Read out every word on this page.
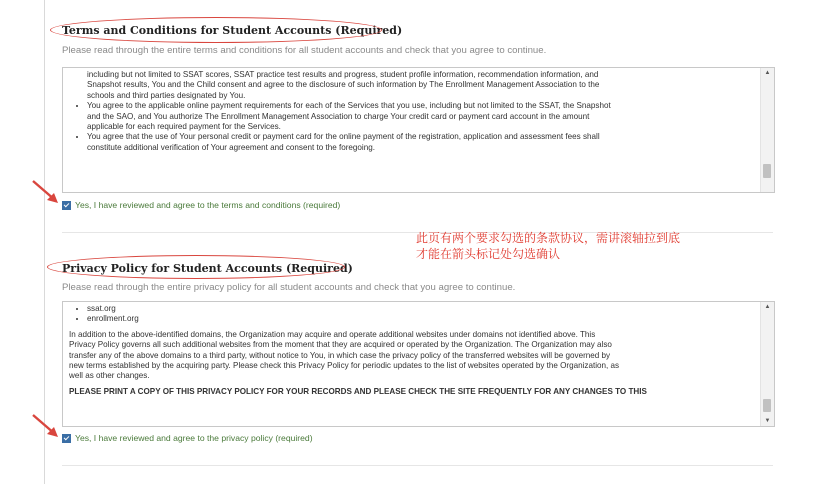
Terms and Conditions for Student Accounts (Required)
Please read through the entire terms and conditions for all student accounts and check that you agree to continue.
including but not limited to SSAT scores, SSAT practice test results and progress, student profile information, recommendation information, and
Snapshot results, You and the Child consent and agree to the disclosure of such information by The Enrollment Management Association to the
schools and third parties designated by You.
• You agree to the applicable online payment requirements for each of the Services that you use, including but not limited to the SSAT, the Snapshot
and the SAO, and You authorize The Enrollment Management Association to charge Your credit card or payment card account in the amount
applicable for each required payment for the Services.
• You agree that the use of Your personal credit or payment card for the online payment of the registration, application and assessment fees shall
constitute additional verification of Your agreement and consent to the foregoing.
▲
Yes, I have reviewed and agree to the terms and conditions (required)
此页有两个要求勾选的条款协议，需讲滚轴拉到底
才能在箭头标记处勾选确认
Privacy Policy for Student Accounts (Required)
Please read through the entire privacy policy for all student accounts and check that you agree to continue.
• ssat.org
• enrollment.org

In addition to the above-identified domains, the Organization may acquire and operate additional websites under domains not identified above. This
Privacy Policy governs all such additional websites from the moment that they are acquired or operated by the Organization. The Organization may also
transfer any of the above domains to a third party, without notice to You, in which case the privacy policy of the transferred websites will be governed by
new terms established by the acquiring party. Please check this Privacy Policy for periodic updates to the list of websites operated by the Organization, as
well as other changes.

PLEASE PRINT A COPY OF THIS PRIVACY POLICY FOR YOUR RECORDS AND PLEASE CHECK THE SITE FREQUENTLY FOR ANY CHANGES TO THIS

▲
▼
Yes, I have reviewed and agree to the privacy policy (required)
